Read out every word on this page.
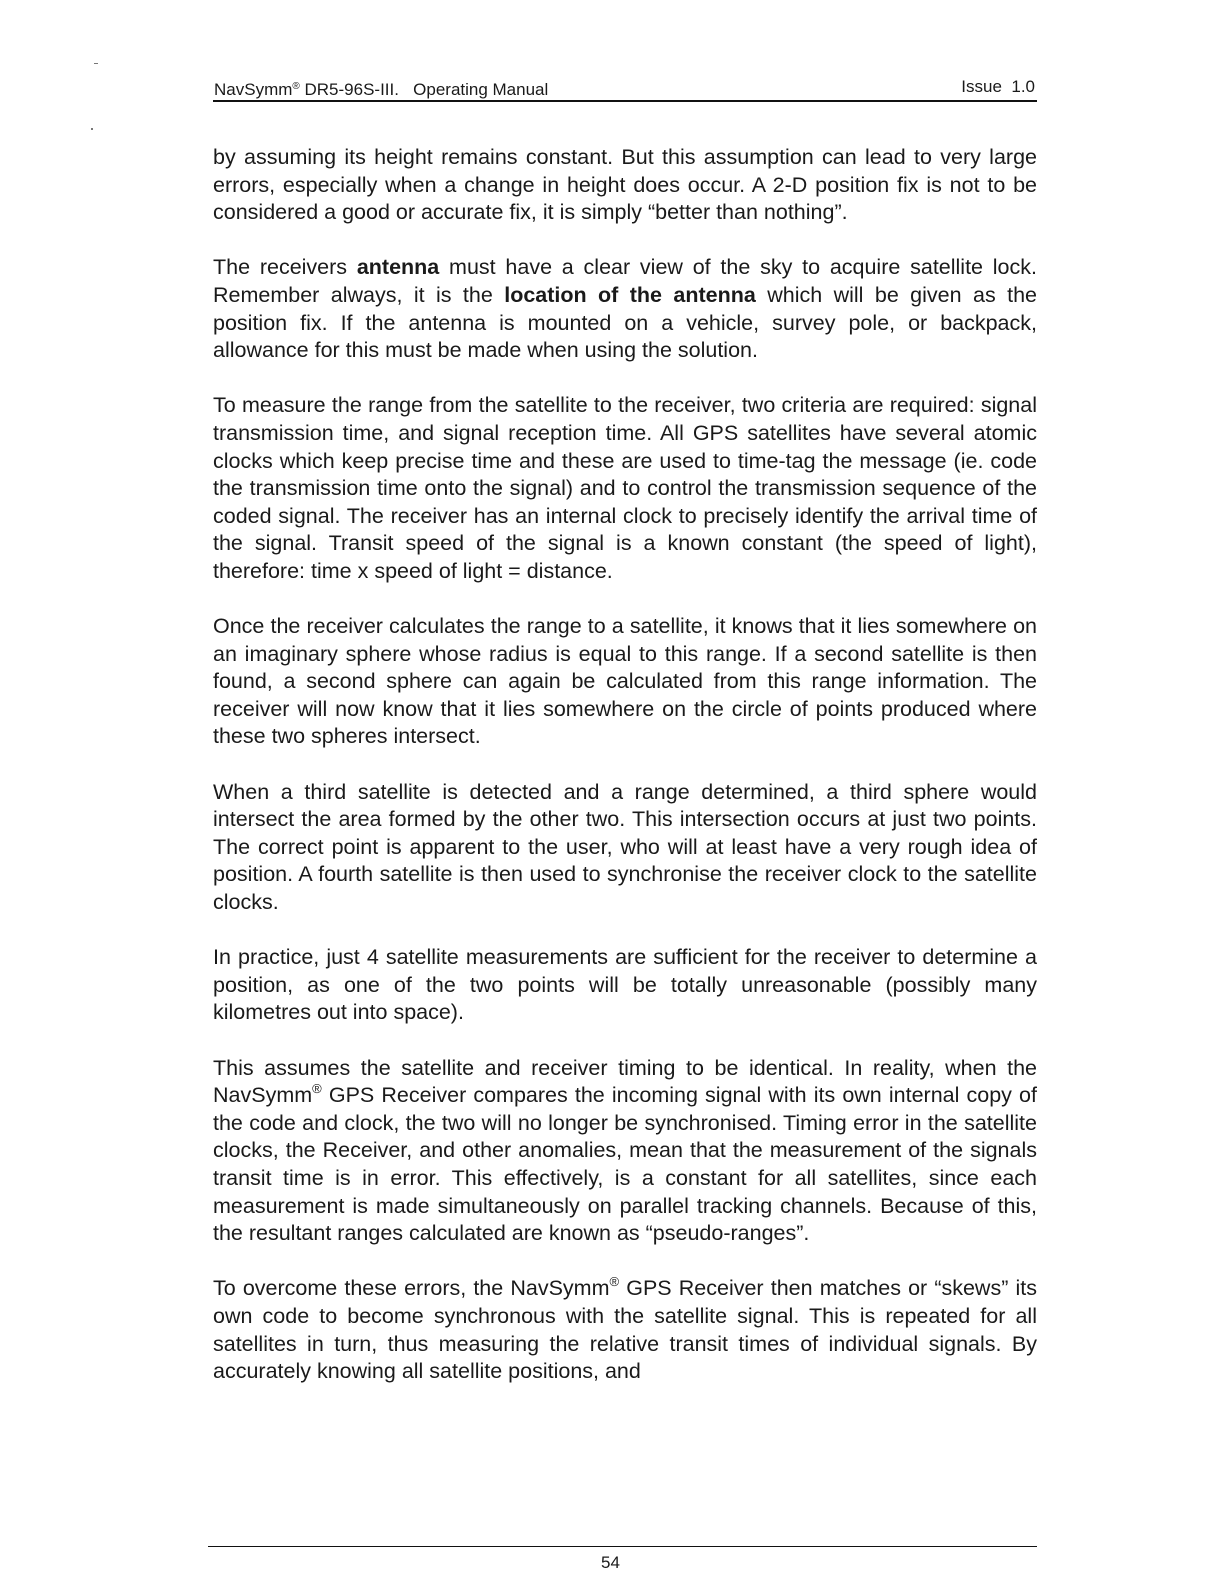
NavSymm® DR5-96S-III.   Operating Manual	Issue  1.0

by assuming its height remains constant. But this assumption can lead to very large errors, especially when a change in height does occur. A 2-D position fix is not to be considered a good or accurate fix, it is simply “better than nothing”.

The receivers antenna must have a clear view of the sky to acquire satellite lock. Remember always, it is the location of the antenna which will be given as the position fix. If the antenna is mounted on a vehicle, survey pole, or backpack, allowance for this must be made when using the solution.

To measure the range from the satellite to the receiver, two criteria are required: signal transmission time, and signal reception time. All GPS satellites have several atomic clocks which keep precise time and these are used to time-tag the message (ie. code the transmission time onto the signal) and to control the transmission sequence of the coded signal. The receiver has an internal clock to precisely identify the arrival time of the signal. Transit speed of the signal is a known constant (the speed of light), therefore: time x speed of light = distance.

Once the receiver calculates the range to a satellite, it knows that it lies somewhere on an imaginary sphere whose radius is equal to this range. If a second satellite is then found, a second sphere can again be calculated from this range information. The receiver will now know that it lies somewhere on the circle of points produced where these two spheres intersect.

When a third satellite is detected and a range determined, a third sphere would intersect the area formed by the other two. This intersection occurs at just two points. The correct point is apparent to the user, who will at least have a very rough idea of position. A fourth satellite is then used to synchronise the receiver clock to the satellite clocks.

In practice, just 4 satellite measurements are sufficient for the receiver to determine a position, as one of the two points will be totally unreasonable (possibly many kilometres out into space).

This assumes the satellite and receiver timing to be identical. In reality, when the NavSymm® GPS Receiver compares the incoming signal with its own internal copy of the code and clock, the two will no longer be synchronised. Timing error in the satellite clocks, the Receiver, and other anomalies, mean that the measurement of the signals transit time is in error. This effectively, is a constant for all satellites, since each measurement is made simultaneously on parallel tracking channels. Because of this, the resultant ranges calculated are known as “pseudo-ranges”.

To overcome these errors, the NavSymm® GPS Receiver then matches or “skews” its own code to become synchronous with the satellite signal. This is repeated for all satellites in turn, thus measuring the relative transit times of individual signals. By accurately knowing all satellite positions, and

54
